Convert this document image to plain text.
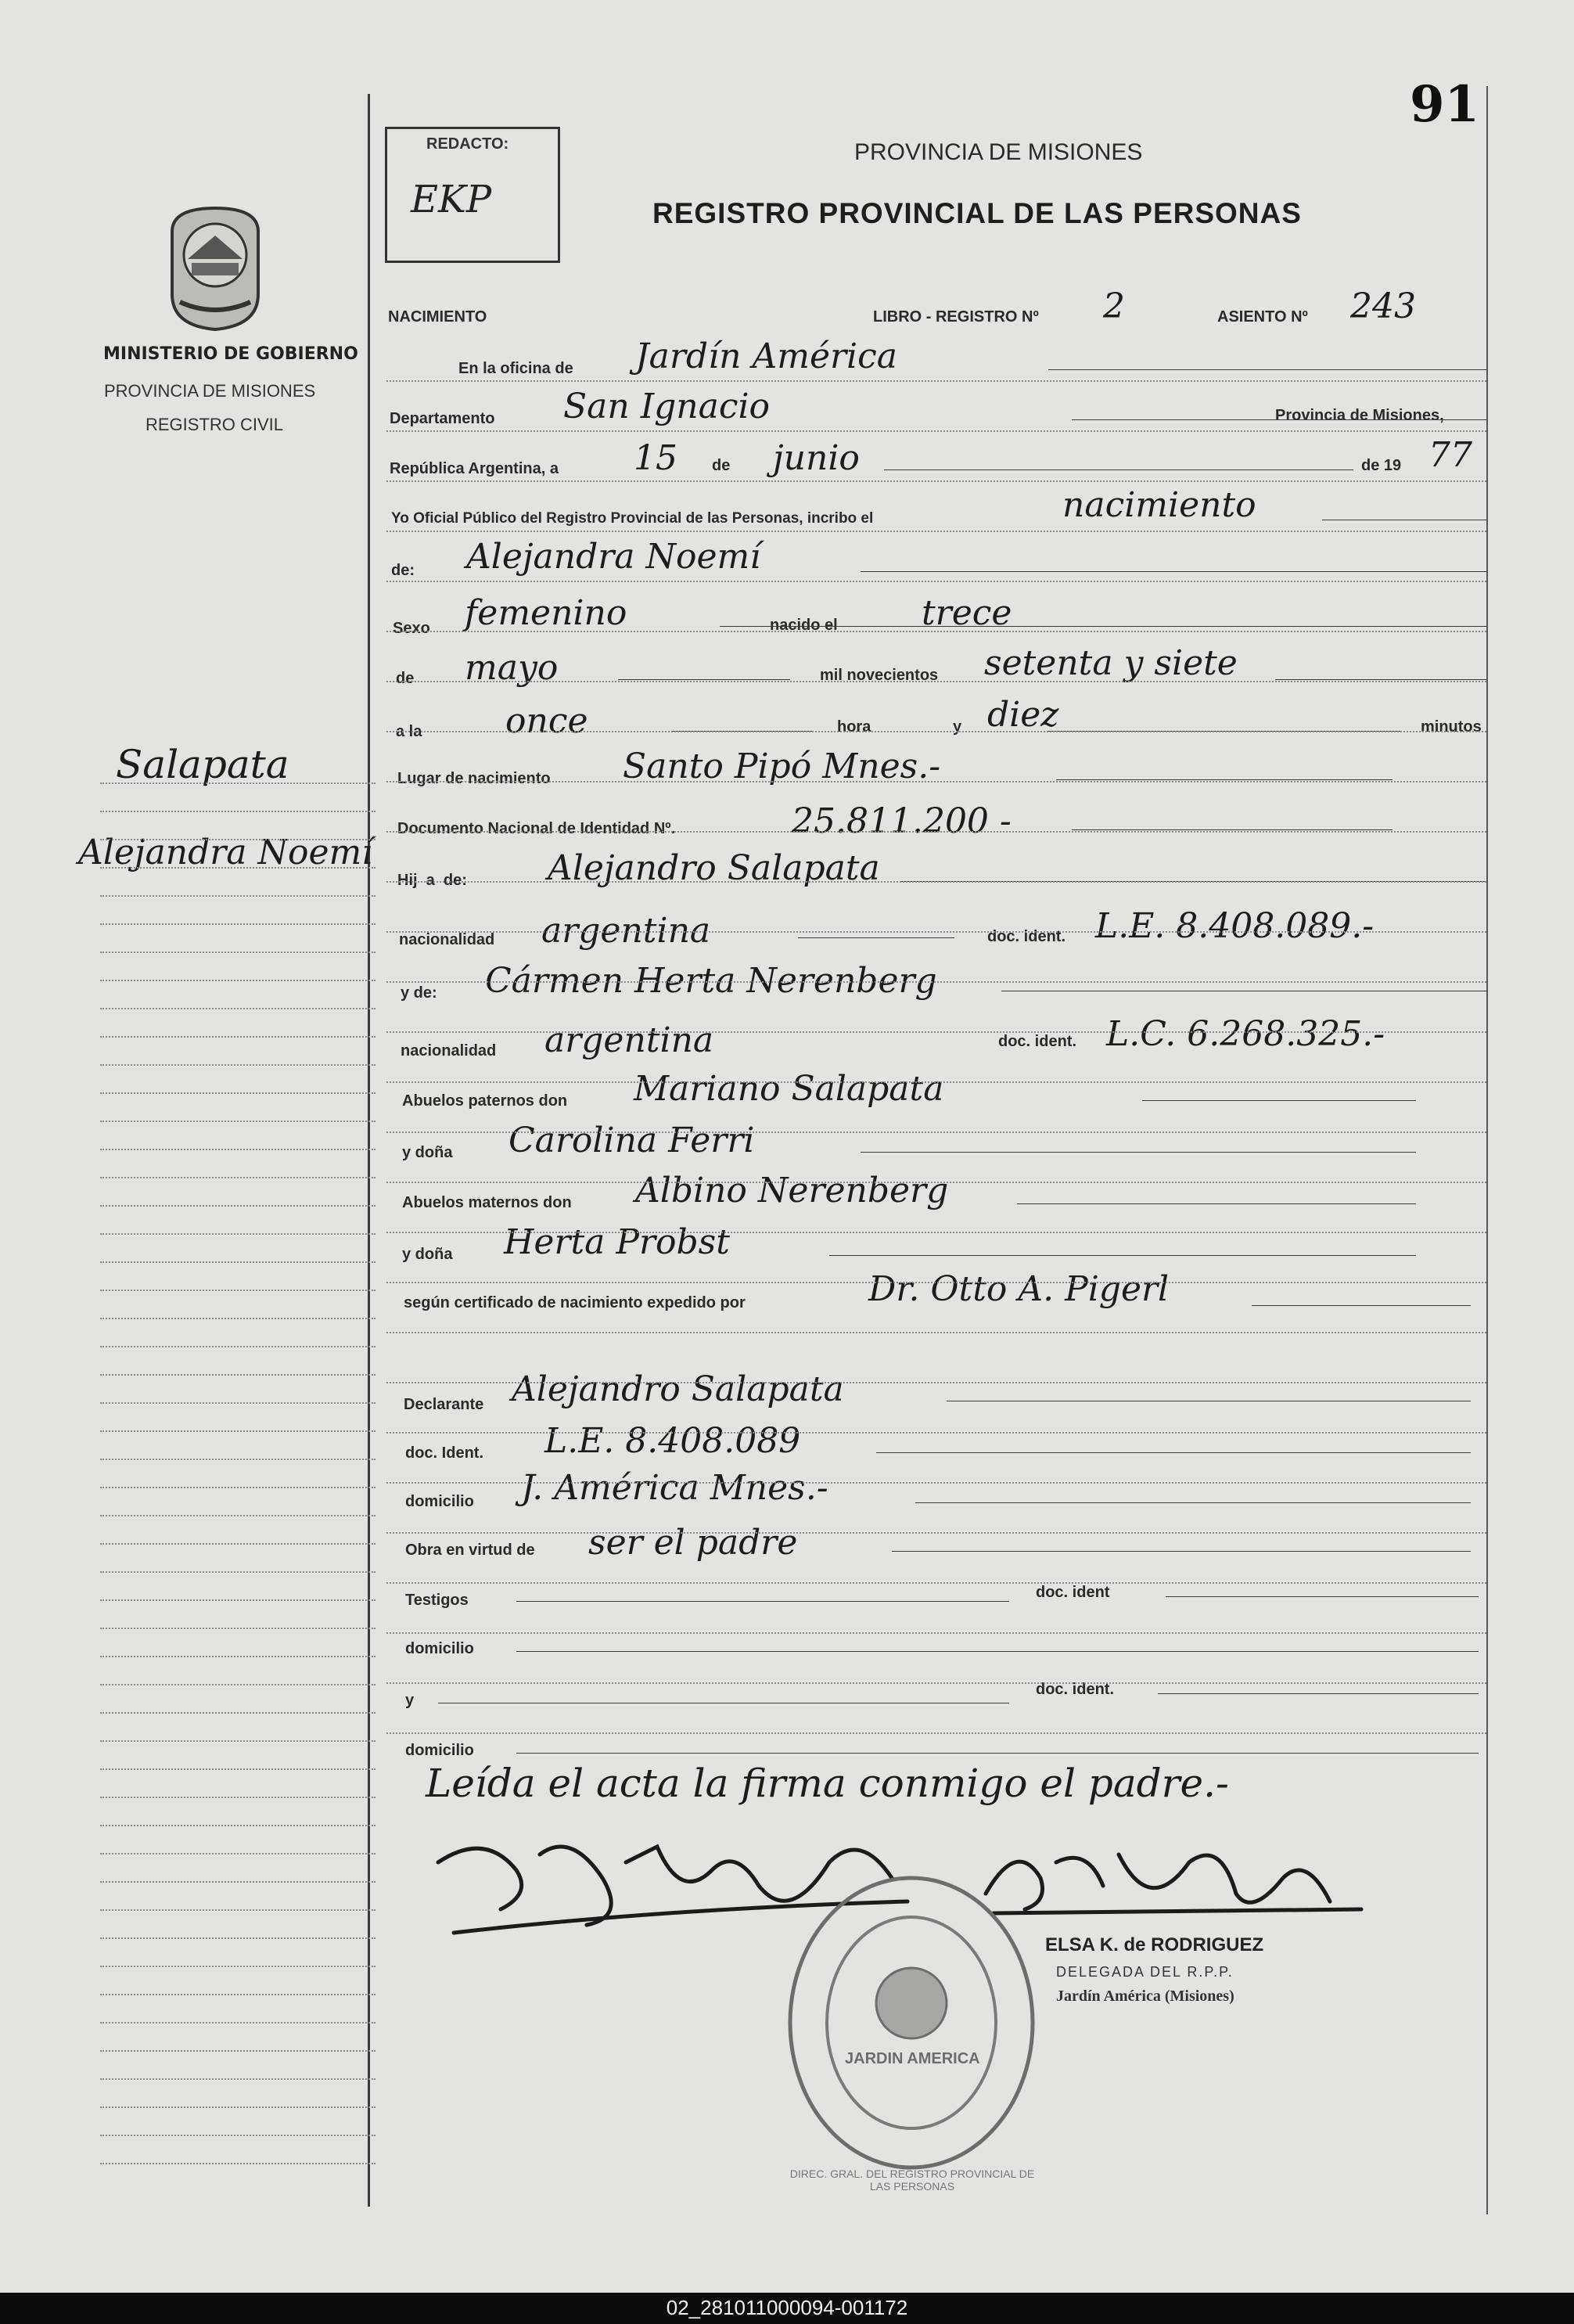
91
REDACTO:
EKP
MINISTERIO DE GOBIERNO
PROVINCIA DE MISIONES
REGISTRO CIVIL
PROVINCIA DE MISIONES
REGISTRO PROVINCIAL DE LAS PERSONAS
Salapata
Alejandra Noemí
NACIMIENTO	LIBRO - REGISTRO Nº 2	ASIENTO Nº 243
En la oficina de Jardín América
Departamento San Ignacio	Provincia de Misiones,
República Argentina, a 15 de junio	de 19 77
Yo Oficial Público del Registro Provincial de las Personas, incribo el	nacimiento
de: Alejandra Noemí
Sexo femenino	nacido el trece
de mayo	mil novecientos setenta y siete
a la once	hora	y diez	minutos
Lugar de nacimiento Santo Pipó Mnes.-
Documento Nacional de Identidad Nº.	25.811.200 -
Hij  a  de: Alejandro Salapata
nacionalidad argentina	doc. ident. L.E. 8.408.089.-
y de: Cármen Herta Nerenberg
nacionalidad argentina	doc. ident. L.C. 6.268.325.-
Abuelos paternos don Mariano Salapata
y doña Carolina Ferri
Abuelos maternos don Albino Nerenberg
y doña Herta Probst
según certificado de nacimiento expedido por	Dr. Otto A. Pigerl
Declarante Alejandro Salapata
doc. Ident. L.E. 8.408.089
domicilio J. América Mnes.-
Obra en virtud de ser el padre
Testigos	doc. ident
domicilio
y
doc. ident.
domicilio
Leída el acta la firma conmigo el padre.-
DIREC. GRAL. DEL REGISTRO PROVINCIAL DE LAS PERSONAS
JARDIN AMERICA
ELSA K. de RODRIGUEZ
DELEGADA DEL R.P.P.
Jardín América (Misiones)
02_281011000094-001172
